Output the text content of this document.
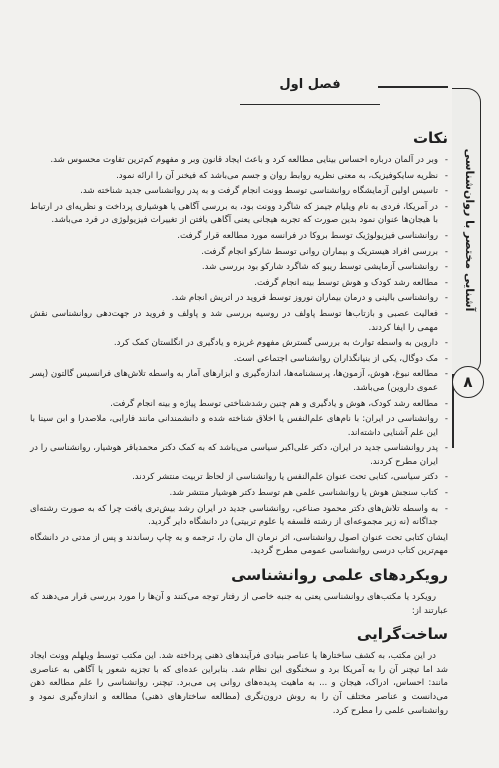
فصل اول
آشنایی مختصر با روان‌شناسی
۸
نکات
- وبر در آلمان درباره احساس بینایی مطالعه کرد و باعث ایجاد قانون وبر و مفهوم کم‌ترین تفاوت محسوس شد.
- نظریه سایکوفیزیک، به معنی نظریه روابط روان و جسم می‌باشد که فیخنر آن را ارائه نمود.
- تاسیس اولین آزمایشگاه روانشناسی توسط وونت انجام گرفت و به پدر روانشناسی جدید شناخته شد.
- در آمریکا، فردی به نام ویلیام جیمز که شاگرد وونت بود، به بررسی آگاهی یا هوشیاری پرداخت و نظریه‌ای در ارتباط با هیجان‌ها عنوان نمود بدین صورت که تجربه هیجانی یعنی آگاهی یافتن از تغییرات فیزیولوژی در فرد می‌باشد.
- روانشناسی فیزیولوژیک توسط بروکا در فرانسه مورد مطالعه قرار گرفت.
- بررسی افراد هیستریک و بیماران روانی توسط شارکو انجام گرفت.
- روانشناسی آزمایشی توسط ریبو که شاگرد شارکو بود بررسی شد.
- مطالعه رشد کودک و هوش توسط بینه انجام گرفت.
- روانشناسی بالینی و درمان بیماران نوروز توسط فروید در اتریش انجام شد.
- فعالیت عصبی و بازتاب‌ها توسط پاولف در روسیه بررسی شد و پاولف و فروید در جهت‌دهی روانشناسی نقش مهمی را ایفا کردند.
- داروین به واسطه توارث به بررسی گسترش مفهوم غریزه و یادگیری در انگلستان کمک کرد.
- مک دوگال، یکی از بنیانگذاران روانشناسی اجتماعی است.
- مطالعه نبوغ، هوش، آزمون‌ها، پرسشنامه‌ها، اندازه‌گیری و ابزارهای آمار به واسطه تلاش‌های فرانسیس گالتون (پسر عموی داروین) می‌باشد.
- مطالعه رشد کودک، هوش و یادگیری و هم چنین رشدشناختی توسط پیاژه و بینه انجام گرفت.
- روانشناسی در ایران: با نام‌های علم‌النفس یا اخلاق شناخته شده و دانشمندانی مانند فارابی، ملاصدرا و ابن سینا با این علم آشنایی داشته‌اند.
- پدر روانشناسی جدید در ایران، دکتر علی‌اکبر سیاسی می‌باشد که به کمک دکتر محمدباقر هوشیار، روانشناسی را در ایران مطرح کردند.
- دکتر سیاسی، کتابی تحت عنوان علم‌النفس یا روانشناسی از لحاظ تربیت منتشر کردند.
- کتاب سنجش هوش یا روانشناسی علمی هم توسط دکتر هوشیار منتشر شد.
- به واسطه تلاش‌های دکتر محمود صناعی، روانشناسی جدید در ایران رشد بیش‌تری یافت چرا که به صورت رشته‌ای جداگانه (نه زیر مجموعه‌ای از رشته فلسفه یا علوم تربیتی) در دانشگاه دایر گردید.
ایشان کتابی تحت عنوان اصول روانشناسی، اثر نرمان ال مان را، ترجمه و به چاپ رساندند و پس از مدتی در دانشگاه مهم‌ترین کتاب درسی روانشناسی عمومی مطرح گردید.
رویکردهای علمی روانشناسی
رویکرد یا مکتب‌های روانشناسی یعنی به جنبه خاصی از رفتار توجه می‌کنند و آن‌ها را مورد بررسی قرار می‌دهند که عبارتند از:
ساخت‌گرایی
در این مکتب، به کشف ساختارها یا عناصر بنیادی فرآیندهای ذهنی پرداخته شد. این مکتب توسط ویلهلم وونت ایجاد شد اما تیچنر آن را به آمریکا برد و سخنگوی این نظام شد. بنابراین عده‌ای که با تجزیه شعور یا آگاهی به عناصری مانند: احساس، ادراک، هیجان و ... به ماهیت پدیده‌های روانی پی می‌برد. تیچنر، روانشناسی را علم مطالعه ذهن می‌دانست و عناصر مختلف آن را به روش درون‌نگری (مطالعه ساختارهای ذهنی) مطالعه و اندازه‌گیری نمود و روانشناسی علمی را مطرح کرد.
